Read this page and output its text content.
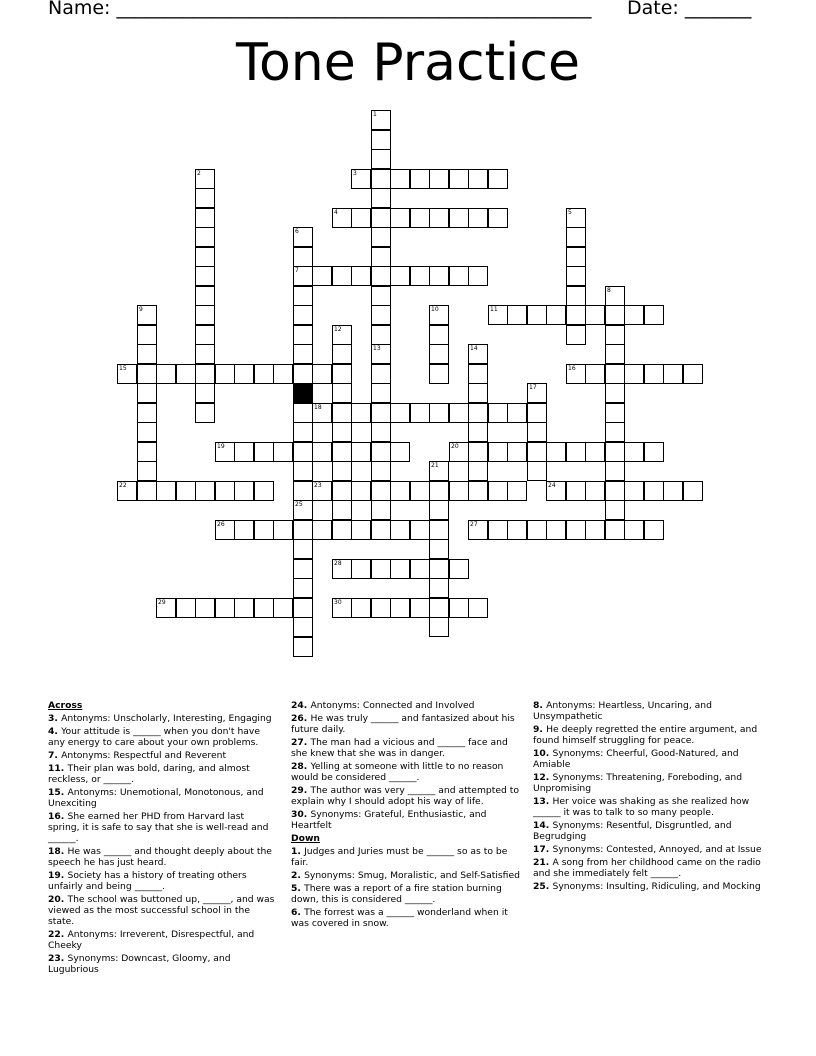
Name: __________________________________________________ Date: _______
Tone Practice
3
4
7
11
15	16
18
19	20
22	23	24
26	27
28
29	30
1
13
2
5
6
25
8
9	10
12
14
17
21
Across
3. Antonyms: Unscholarly, Interesting, Engaging
4. Your attitude is ______ when you don't have any energy to care about your own problems.
7. Antonyms: Respectful and Reverent
11. Their plan was bold, daring, and almost reckless, or ______.
15. Antonyms: Unemotional, Monotonous, and Unexciting
16. She earned her PHD from Harvard last spring, it is safe to say that she is well-read and ______.
18. He was ______ and thought deeply about the speech he has just heard.
19. Society has a history of treating others unfairly and being ______.
20. The school was buttoned up, ______, and was viewed as the most successful school in the state.
22. Antonyms: Irreverent, Disrespectful, and Cheeky
23. Synonyms: Downcast, Gloomy, and Lugubrious
24. Antonyms: Connected and Involved
26. He was truly ______ and fantasized about his future daily.
27. The man had a vicious and ______ face and she knew that she was in danger.
28. Yelling at someone with little to no reason would be considered ______.
29. The author was very ______ and attempted to explain why I should adopt his way of life.
30. Synonyms: Grateful, Enthusiastic, and Heartfelt
Down
1. Judges and Juries must be ______ so as to be fair.
2. Synonyms: Smug, Moralistic, and Self-Satisfied
5. There was a report of a fire station burning down, this is considered ______.
6. The forrest was a ______ wonderland when it was covered in snow.
8. Antonyms: Heartless, Uncaring, and Unsympathetic
9. He deeply regretted the entire argument, and found himself struggling for peace.
10. Synonyms: Cheerful, Good-Natured, and Amiable
12. Synonyms: Threatening, Foreboding, and Unpromising
13. Her voice was shaking as she realized how ______ it was to talk to so many people.
14. Synonyms: Resentful, Disgruntled, and Begrudging
17. Synonyms: Contested, Annoyed, and at Issue
21. A song from her childhood came on the radio and she immediately felt ______.
25. Synonyms: Insulting, Ridiculing, and Mocking
